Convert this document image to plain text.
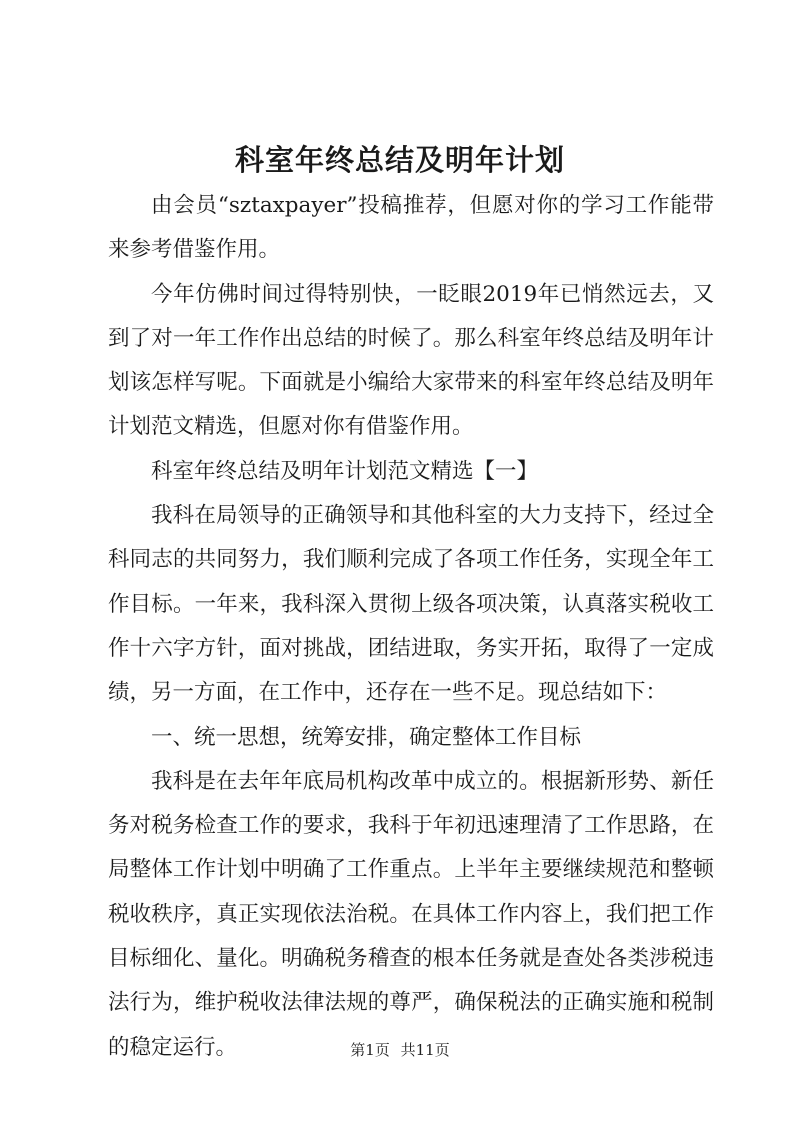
科室年终总结及明年计划

由会员“sztaxpayer”投稿推荐，但愿对你的学习工作能带来参考借鉴作用。

今年仿佛时间过得特别快，一眨眼2019年已悄然远去，又到了对一年工作作出总结的时候了。那么科室年终总结及明年计划该怎样写呢。下面就是小编给大家带来的科室年终总结及明年计划范文精选，但愿对你有借鉴作用。

科室年终总结及明年计划范文精选【一】

我科在局领导的正确领导和其他科室的大力支持下，经过全科同志的共同努力，我们顺利完成了各项工作任务，实现全年工作目标。一年来，我科深入贯彻上级各项决策，认真落实税收工作十六字方针，面对挑战，团结进取，务实开拓，取得了一定成绩，另一方面，在工作中，还存在一些不足。现总结如下：

一、统一思想，统筹安排，确定整体工作目标

我科是在去年年底局机构改革中成立的。根据新形势、新任务对税务检查工作的要求，我科于年初迅速理清了工作思路，在局整体工作计划中明确了工作重点。上半年主要继续规范和整顿税收秩序，真正实现依法治税。在具体工作内容上，我们把工作目标细化、量化。明确税务稽查的根本任务就是查处各类涉税违法行为，维护税收法律法规的尊严，确保税法的正确实施和税制的稳定运行。	第1页 共11页
